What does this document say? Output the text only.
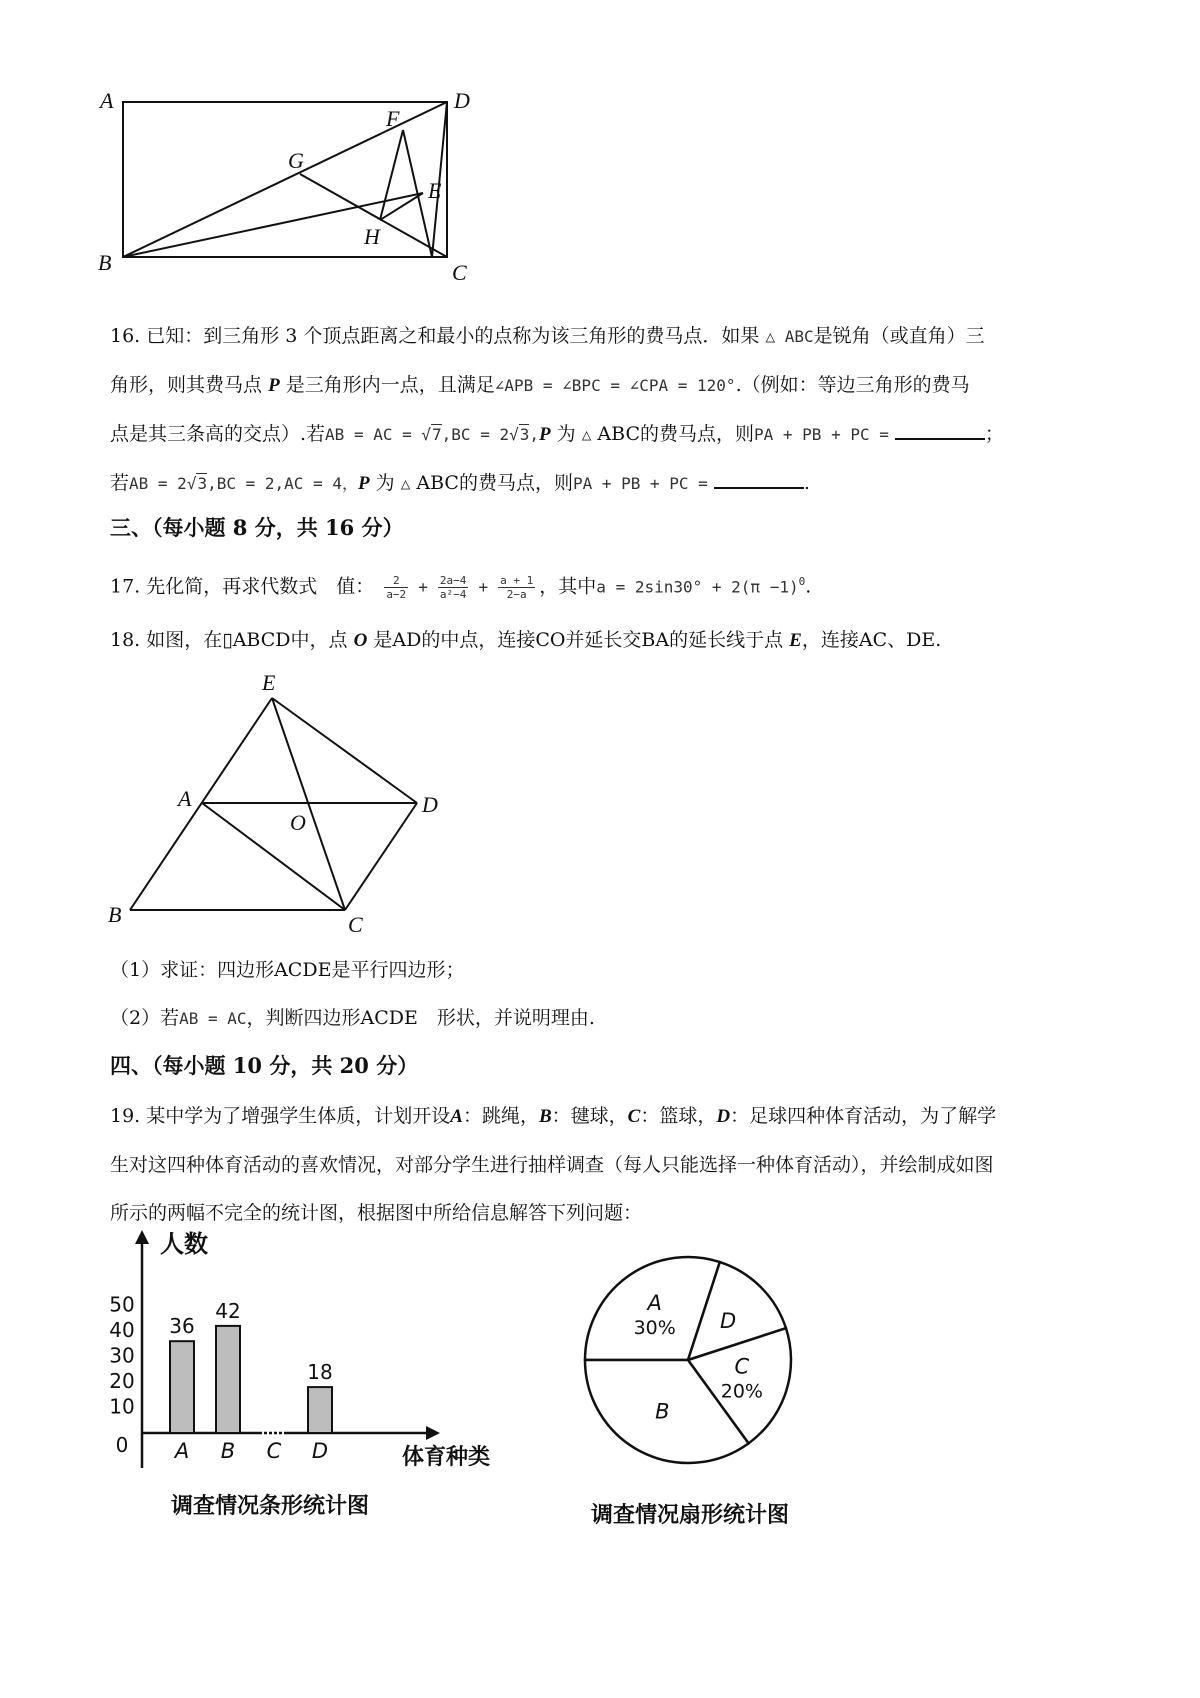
A	D
F
G
E
H
B	C
16. 已知：到三角形 3 个顶点距离之和最小的点称为该三角形的费马点．如果 △ ABC是锐角（或直角）三
角形，则其费马点 P 是三角形内一点，且满足∠APB = ∠BPC = ∠CPA = 120°.（例如：等边三角形的费马
点是其三条高的交点）.若AB = AC = √7,BC = 2√3,P 为 △ ABC的费马点，则PA + PB + PC =	；
若AB = 2√3,BC = 2,AC = 4，P 为 △ ABC的费马点，则PA + PB + PC =	.
三、（每小题 8 分，共 16 分）
17. 先化简，再求代数式　值： $\frac{2}{a-2} + \frac{2a-4}{\text{a²−4}} + \frac{a + 1}{2-a}$ ，其中$a = 2\sin 30^\circ + 2(\pi -1)^0$.
18. 如图，在▯ABCD中，点 O 是AD的中点，连接CO并延长交BA的延长线于点 E，连接AC、DE.
E
A
O
D
B	C
（1）求证：四边形ACDE是平行四边形；
（2）若AB = AC，判断四边形ACDE　形状，并说明理由.
四、（每小题 10 分，共 20 分）
19. 某中学为了增强学生体质，计划开设A：跳绳，B：毽球，C：篮球，D：足球四种体育活动，为了解学
生对这四种体育活动的喜欢情况，对部分学生进行抽样调查（每人只能选择一种体育活动），并绘制成如图
所示的两幅不完全的统计图，根据图中所给信息解答下列问题：
人数
体育种类
0
10
20
30
40
50
36
A
42
B C
18
D
调查情况条形统计图
A
30% D
C
20%
B
调查情况扇形统计图
